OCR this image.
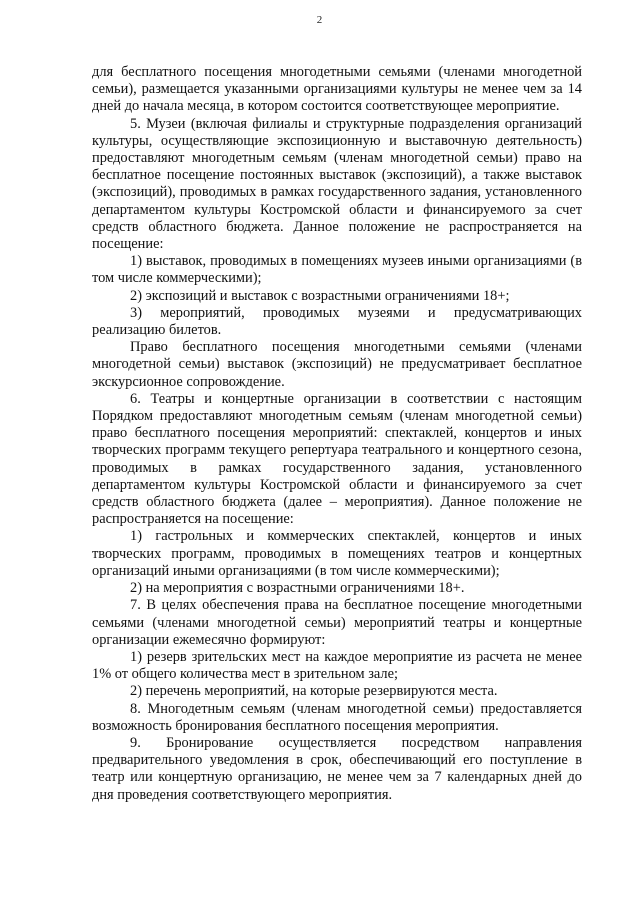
2

для бесплатного посещения многодетными семьями (членами многодетной семьи), размещается указанными организациями культуры не менее чем за 14 дней до начала месяца, в котором состоится соответствующее мероприятие.

5. Музеи (включая филиалы и структурные подразделения организаций культуры, осуществляющие экспозиционную и выставочную деятельность) предоставляют многодетным семьям (членам многодетной семьи) право на бесплатное посещение постоянных выставок (экспозиций), а также выставок (экспозиций), проводимых в рамках государственного задания, установленного департаментом культуры Костромской области и финансируемого за счет средств областного бюджета. Данное положение не распространяется на посещение:

1) выставок, проводимых в помещениях музеев иными организациями (в том числе коммерческими);

2) экспозиций и выставок с возрастными ограничениями 18+;

3) мероприятий, проводимых музеями и предусматривающих реализацию билетов.

Право бесплатного посещения многодетными семьями (членами многодетной семьи) выставок (экспозиций) не предусматривает бесплатное экскурсионное сопровождение.

6. Театры и концертные организации в соответствии с настоящим Порядком предоставляют многодетным семьям (членам многодетной семьи) право бесплатного посещения мероприятий: спектаклей, концертов и иных творческих программ текущего репертуара театрального и концертного сезона, проводимых в рамках государственного задания, установленного департаментом культуры Костромской области и финансируемого за счет средств областного бюджета (далее – мероприятия). Данное положение не распространяется на посещение:

1) гастрольных и коммерческих спектаклей, концертов и иных творческих программ, проводимых в помещениях театров и концертных организаций иными организациями (в том числе коммерческими);

2) на мероприятия с возрастными ограничениями 18+.

7. В целях обеспечения права на бесплатное посещение многодетными семьями (членами многодетной семьи) мероприятий театры и концертные организации ежемесячно формируют:

1) резерв зрительских мест на каждое мероприятие из расчета не менее 1% от общего количества мест в зрительном зале;

2) перечень мероприятий, на которые резервируются места.

8. Многодетным семьям (членам многодетной семьи) предоставляется возможность бронирования бесплатного посещения мероприятия.

9. Бронирование осуществляется посредством направления предварительного уведомления в срок, обеспечивающий его поступление в театр или концертную организацию, не менее чем за 7 календарных дней до дня проведения соответствующего мероприятия.
